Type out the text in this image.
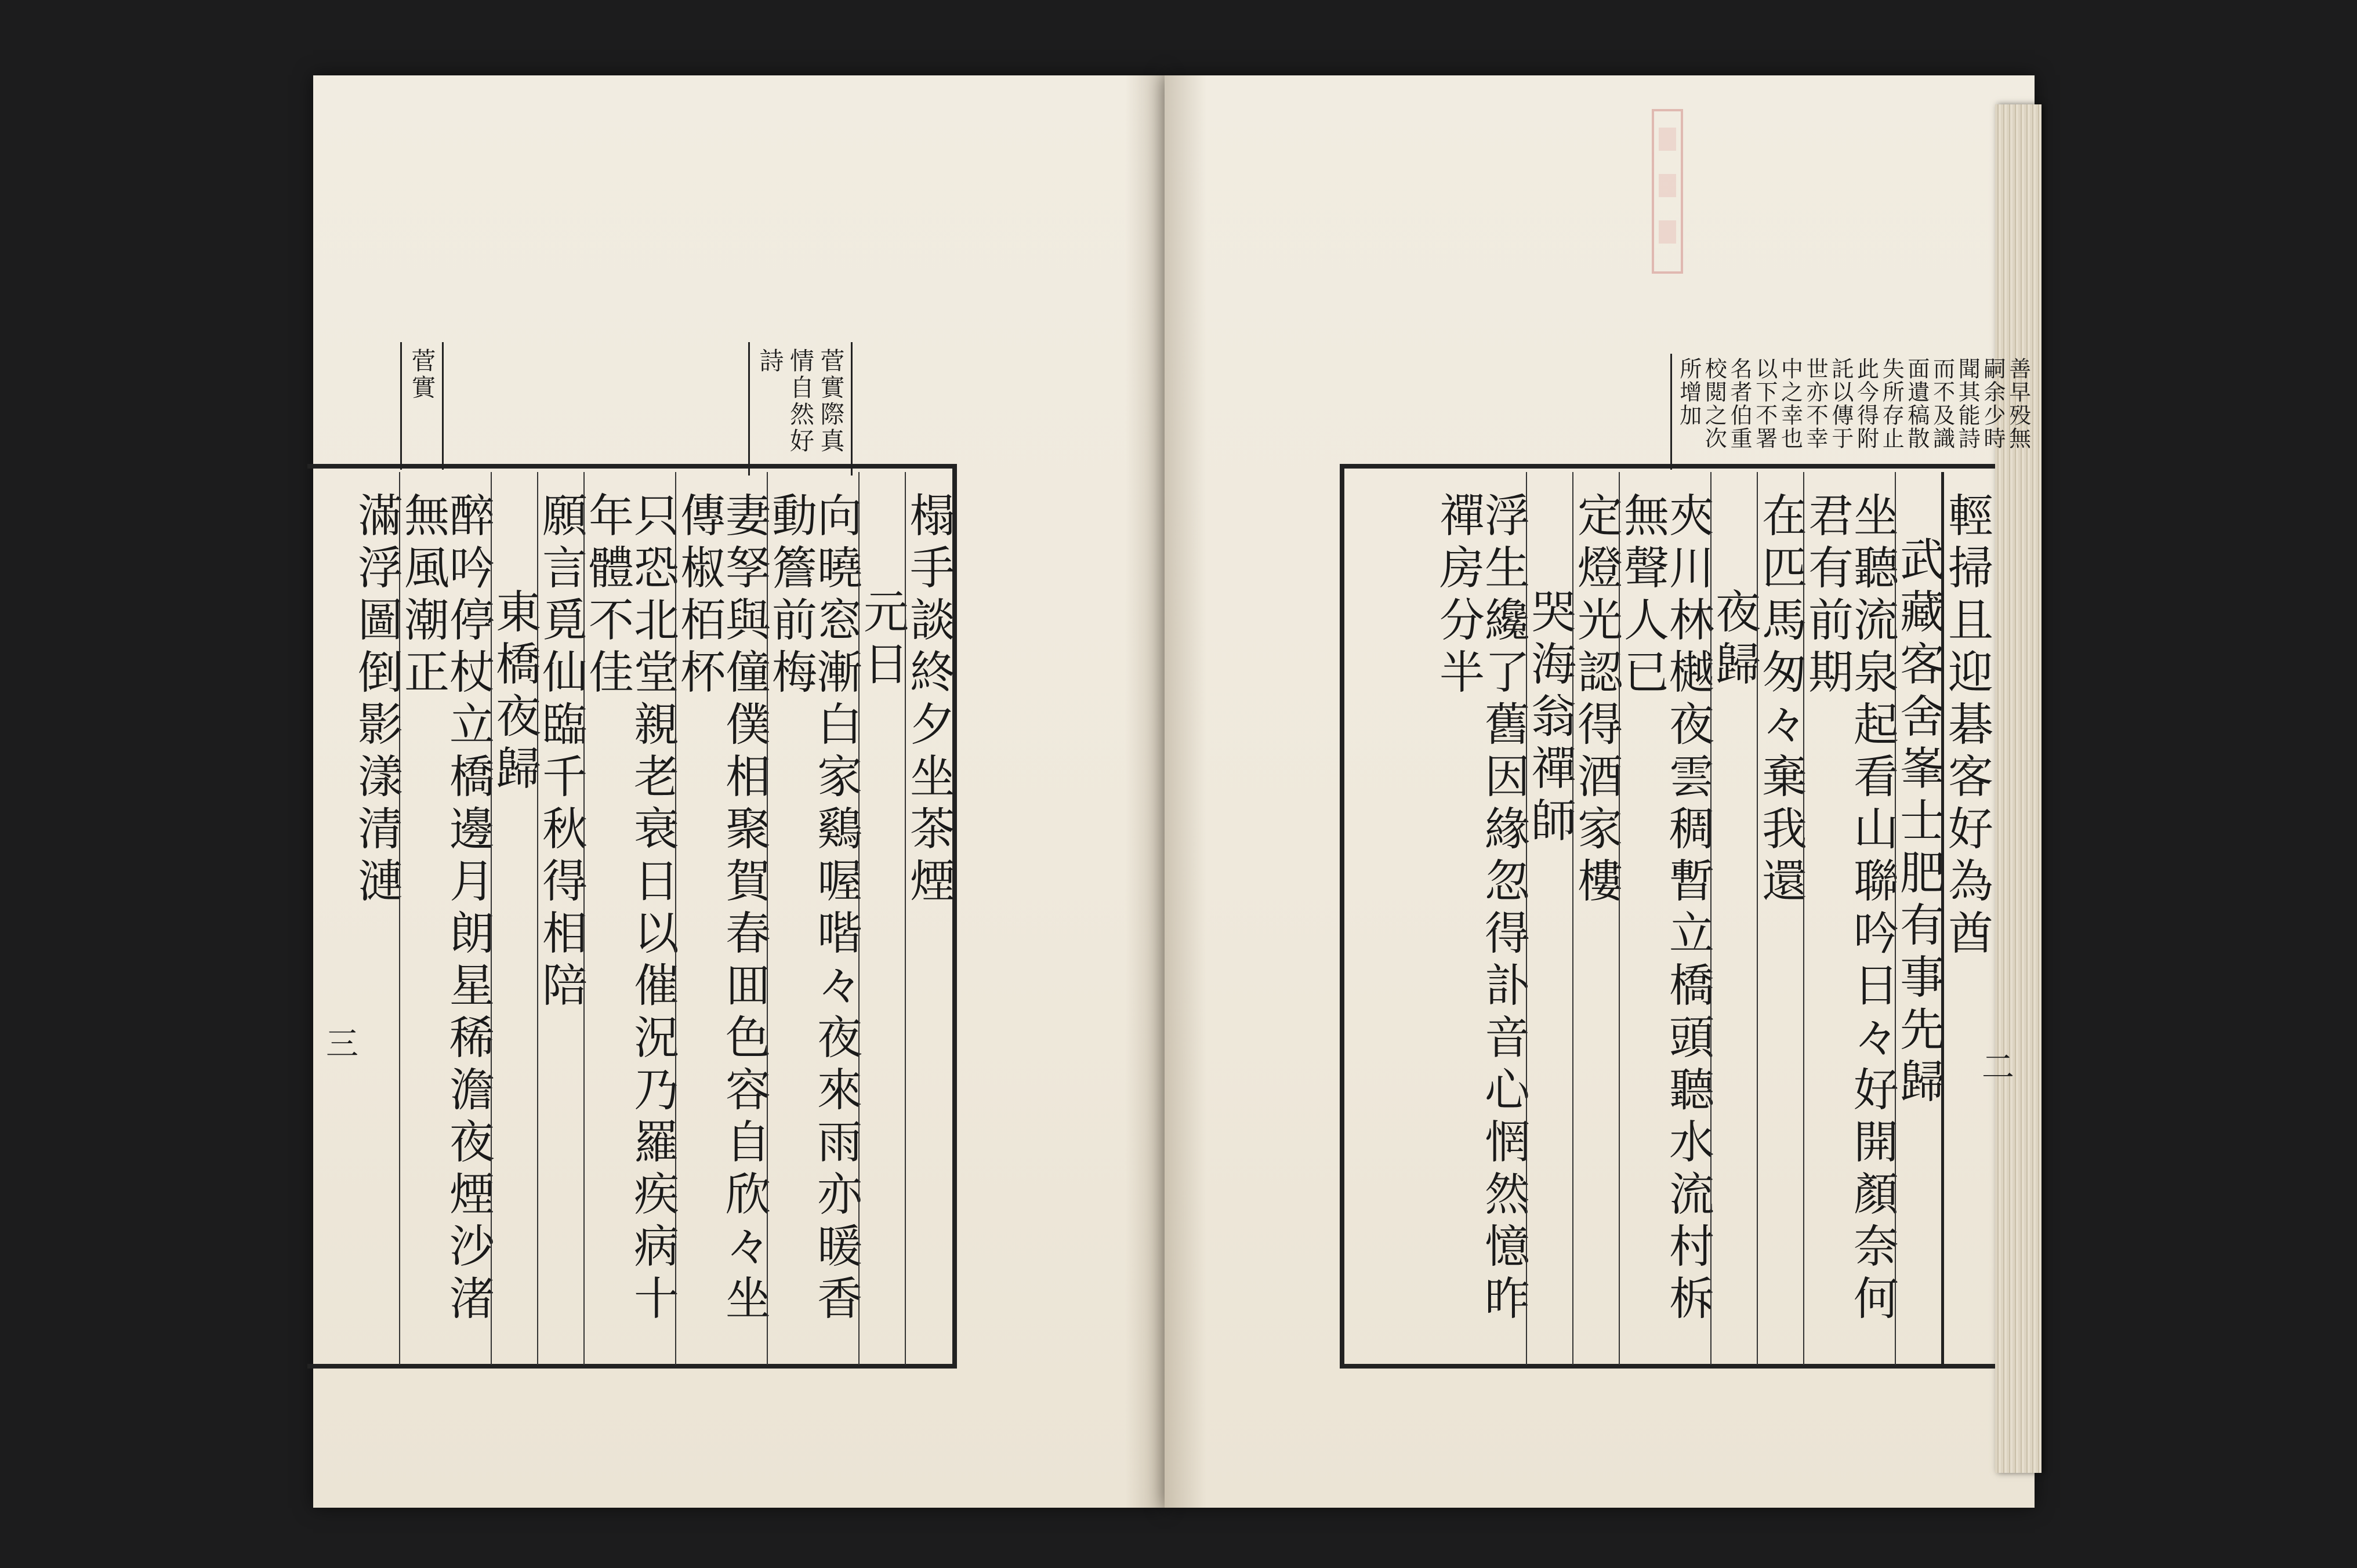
菅實	菅實際真情自然好詩	善早殁無嗣余少時聞其能詩而不及識面遺稿散失所存止此今得附託以傳于世亦不幸中之幸也以下不署名者伯重校閲之次所增加
榻手談終夕坐茶煙
元日
向曉窓漸白家鷄喔喈々夜來雨亦暖香動簷前梅
妻孥與僮僕相聚賀春囬色容自欣々坐傳椒栢杯
只恐北堂親老衰日以催況乃羅疾病十年體不佳
願言覓仙臨千秋得相陪
東橋夜歸
醉吟停杖立橋邊月朗星稀澹夜煙沙渚無風潮正
滿浮圖倒影漾清漣	輕掃且迎碁客好為酋
武藏客舍峯士肥有事先歸
坐聽流泉起看山聯吟日々好開顏奈何君有前期
在匹馬匆々棄我還
夜歸
夾川林樾夜雲稠暫立橋頭聽水流村柝無聲人已
定燈光認得酒家樓
哭海翁禪師
浮生纔了舊因緣忽得訃音心惘然憶昨禪房分半
三
二
